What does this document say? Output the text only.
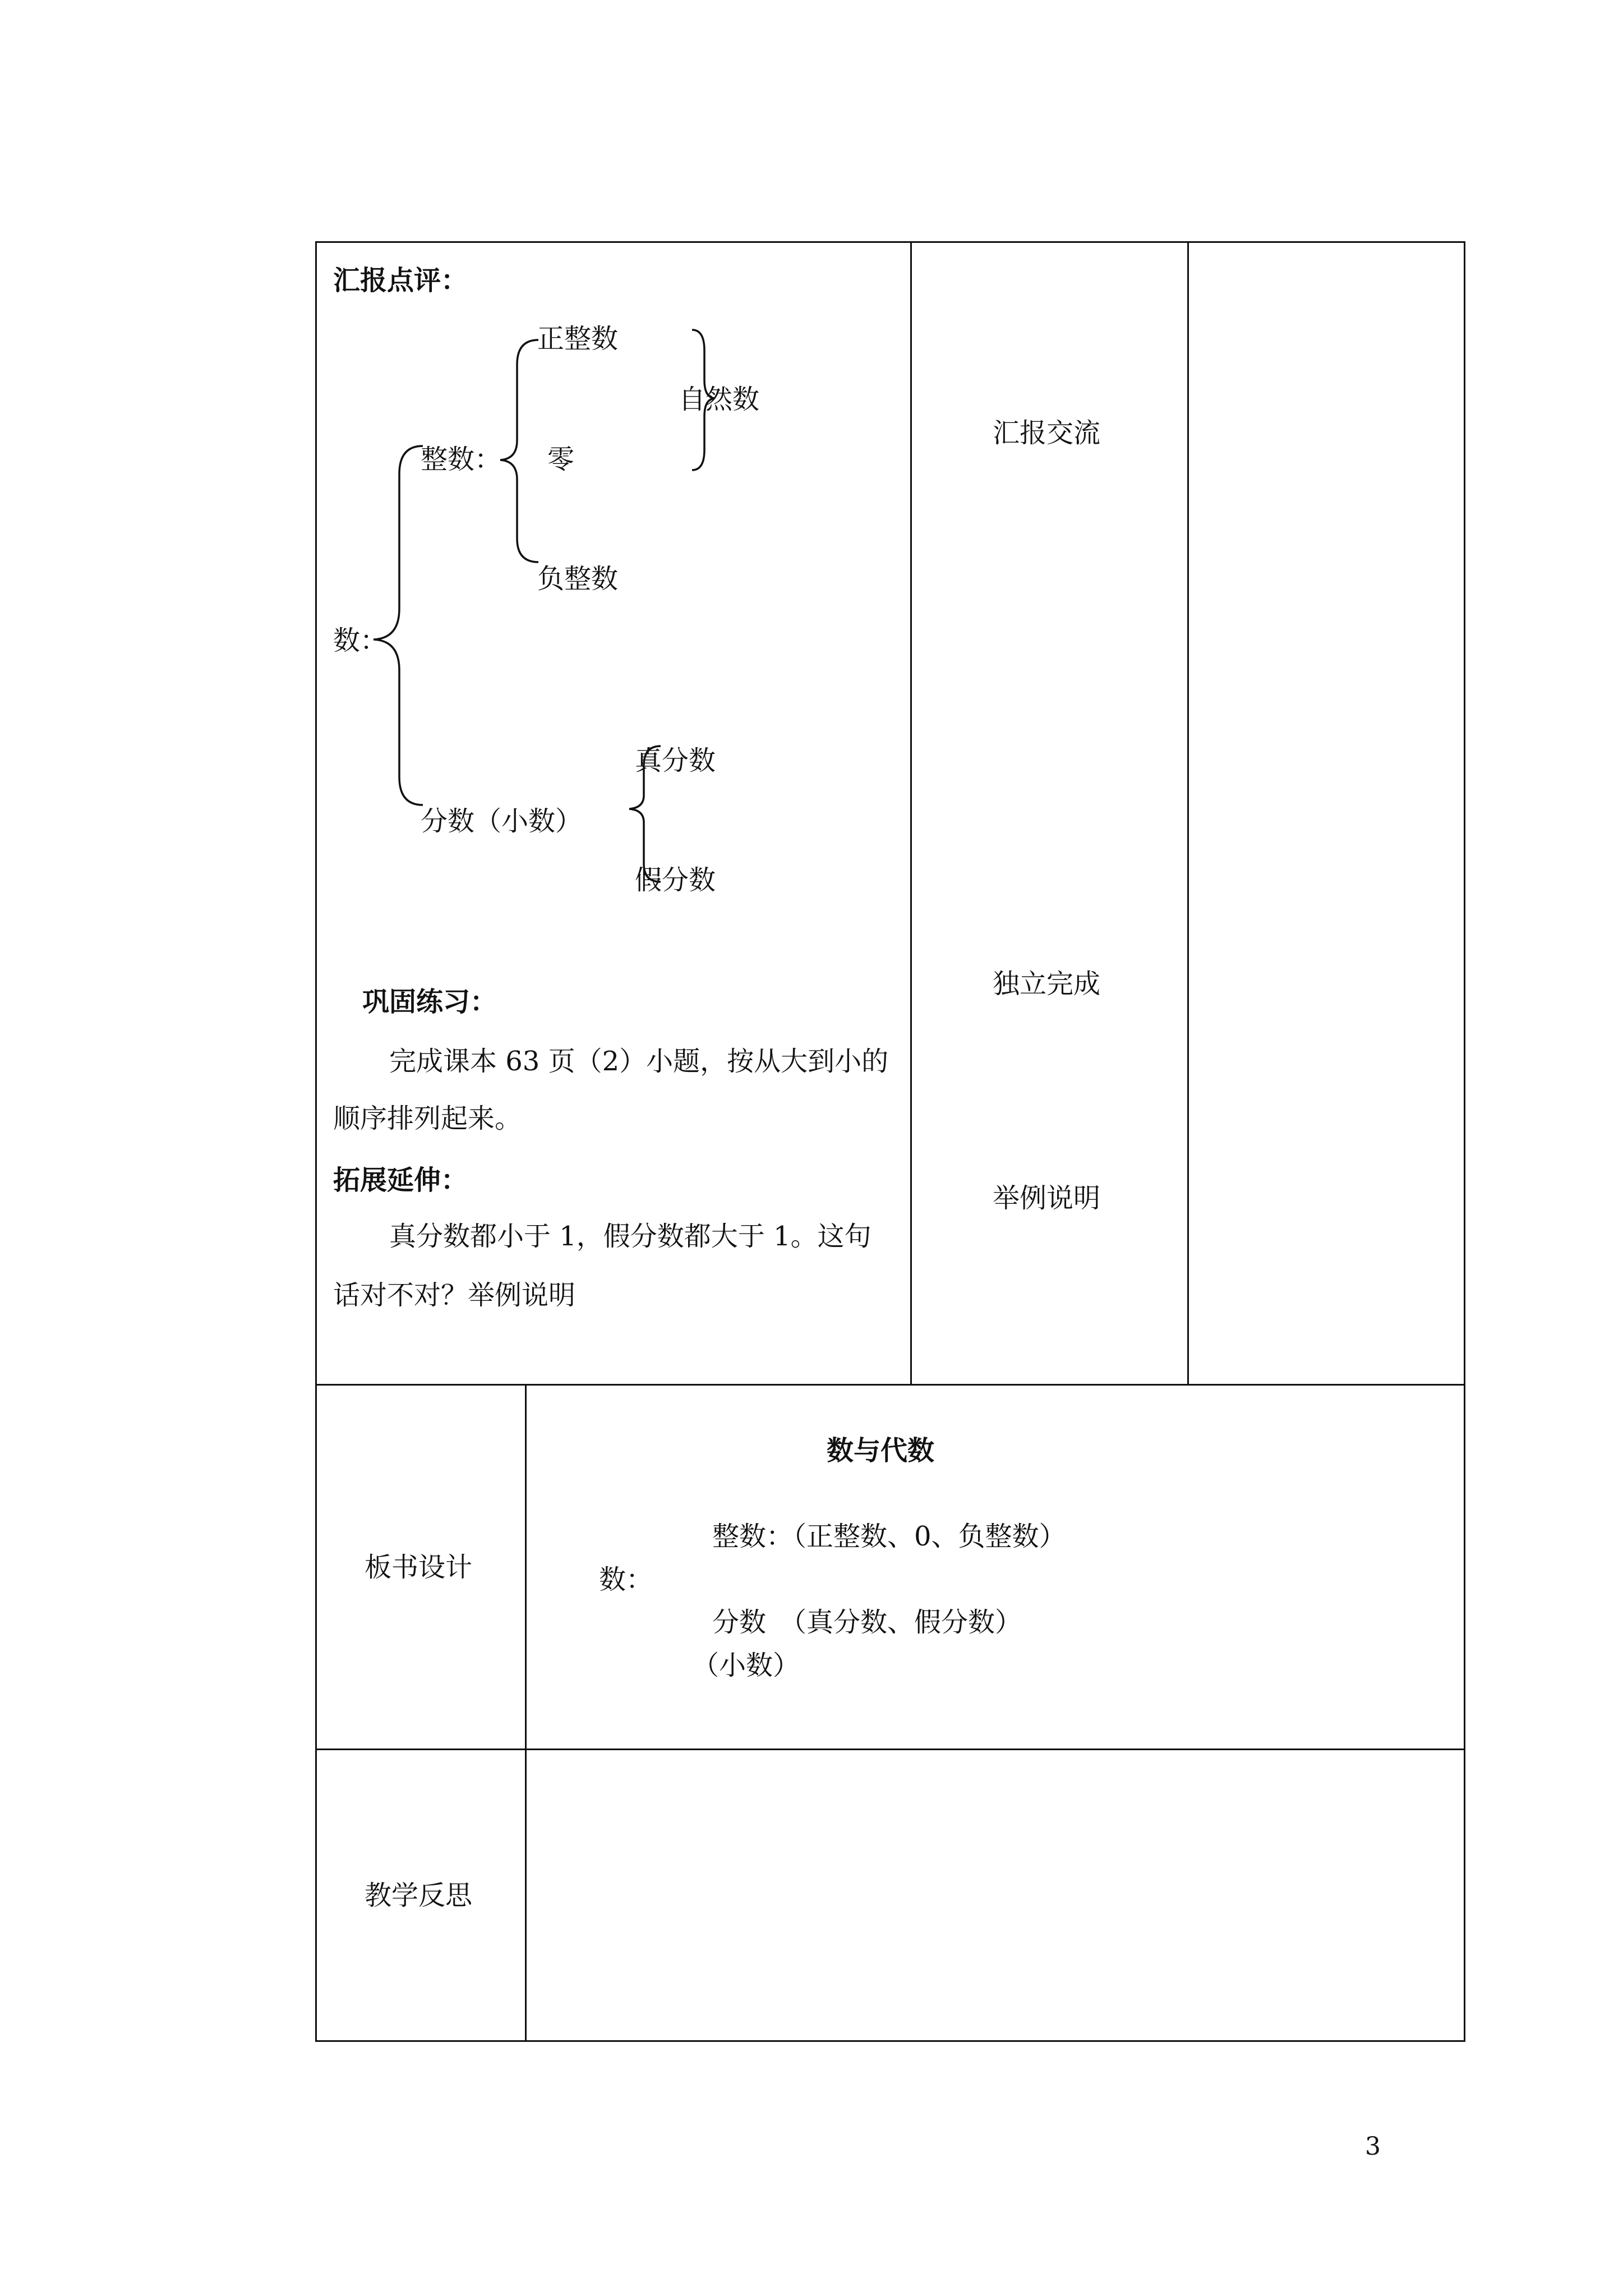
汇报点评：
数：
整数：
正整数
零
负整数
自然数
分数（小数）
真分数
假分数
巩固练习：
完成课本 63 页（2）小题，按从大到小的
顺序排列起来。
拓展延伸：
真分数都小于 1，假分数都大于 1。这句
话对不对？举例说明
汇报交流
独立完成
举例说明
板书设计
数与代数
整数：（正整数、0、负整数）
数：
分数　（真分数、假分数）
（小数）
教学反思
3
